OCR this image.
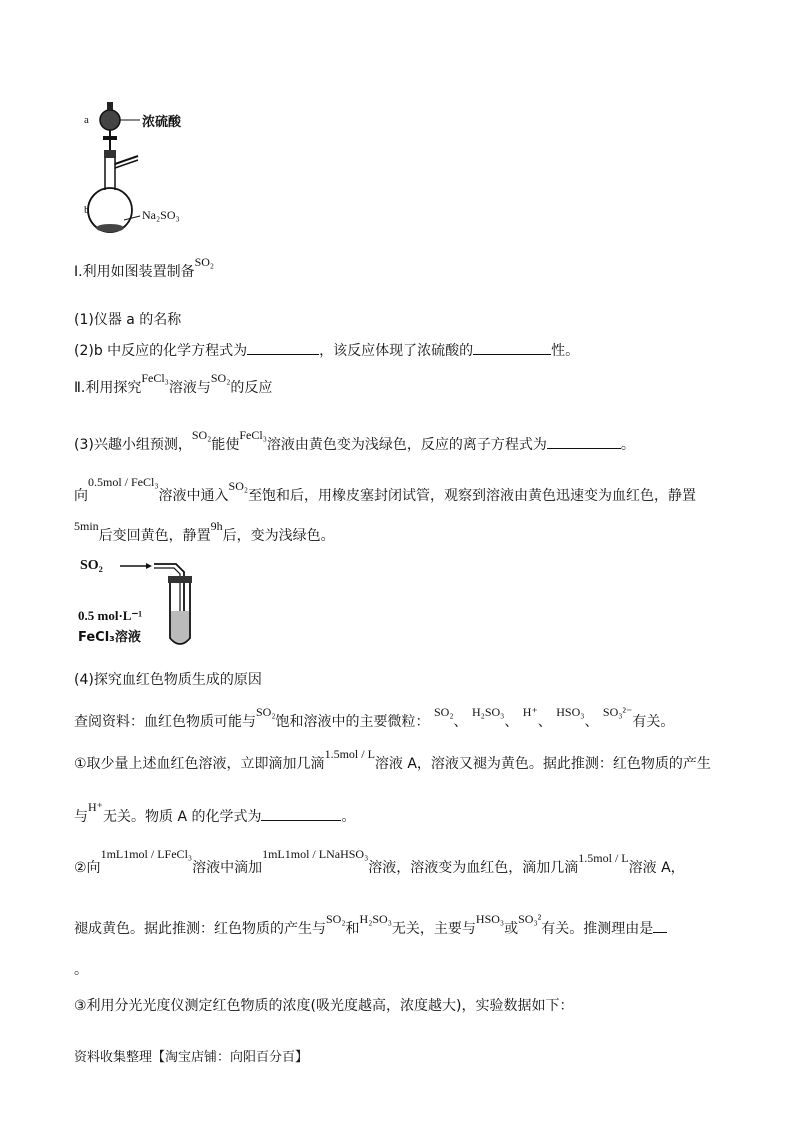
a
b
浓硫酸
Na₂SO₃
Ⅰ.利用如图装置制备SO₂
(1)仪器 a 的名称
(2)b 中反应的化学方程式为	，该反应体现了浓硫酸的	性。
Ⅱ.利用探究FeCl₃溶液与SO₂的反应
(3)兴趣小组预测，SO₂能使FeCl₃溶液由黄色变为浅绿色，反应的离子方程式为	。
向0.5mol / FeCl₃溶液中通入SO₂至饱和后，用橡皮塞封闭试管，观察到溶液由黄色迅速变为血红色，静置
5min后变回黄色，静置9h后，变为浅绿色。
SO₂
0.5 mol·L⁻¹
FeCl₃溶液
(4)探究血红色物质生成的原因
查阅资料：血红色物质可能与SO₂饱和溶液中的主要微粒： SO₂、 H₂SO₃、 H⁺、 HSO₃、 SO₃²⁻有关。
①取少量上述血红色溶液，立即滴加几滴1.5mol / L溶液 A，溶液又褪为黄色。据此推测：红色物质的产生
与H⁺无关。物质 A 的化学式为	。
②向1mL1mol / LFeCl₃溶液中滴加1mL1mol / LNaHSO₃溶液，溶液变为血红色，滴加几滴1.5mol / L溶液 A，
褪成黄色。据此推测：红色物质的产生与SO₂和H₂SO₃无关，主要与HSO₃或SO₃²有关。推测理由是
。
③利用分光光度仪测定红色物质的浓度(吸光度越高，浓度越大)，实验数据如下：
资料收集整理【淘宝店铺：向阳百分百】
